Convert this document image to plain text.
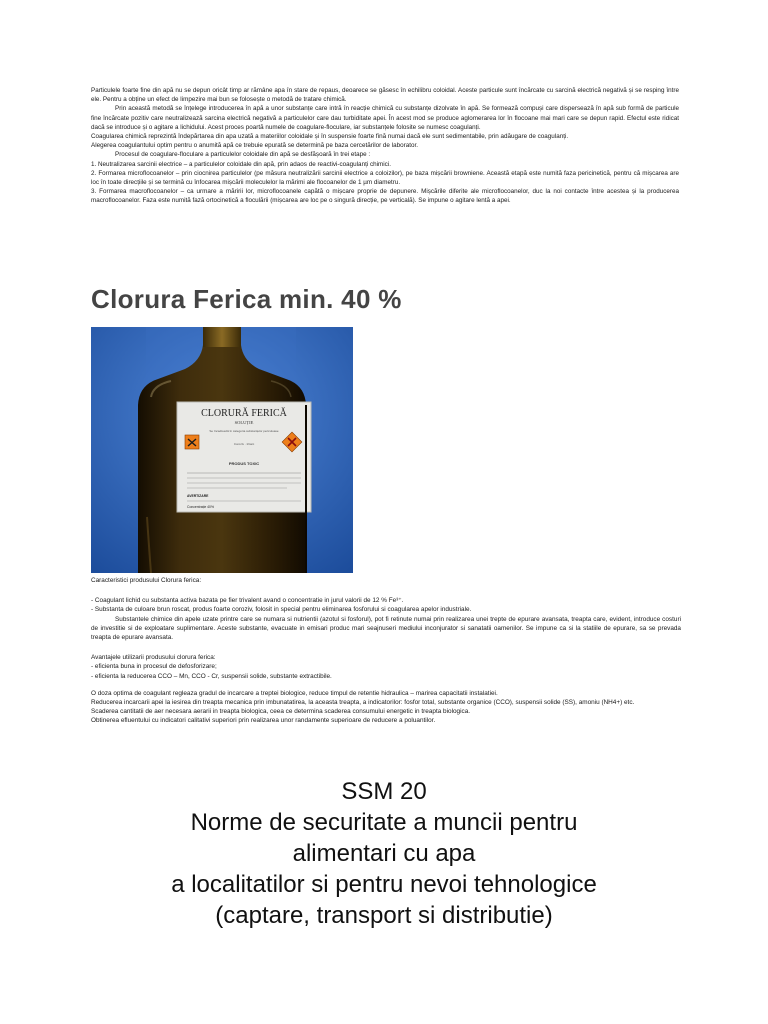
Particulele foarte fine din apă nu se depun oricât timp ar rămâne apa în stare de repaus, deoarece se găsesc în echilibru coloidal. Aceste particule sunt încărcate cu sarcină electrică negativă și se resping între ele. Pentru a obține un efect de limpezire mai bun se folosește o metodă de tratare chimică.

Prin această metodă se înțelege introducerea în apă a unor substanțe care intră în reacție chimică cu substanțe dizolvate în apă. Se formează compuși care dispersează în apă sub formă de particule fine încărcate pozitiv care neutralizează sarcina electrică negativă a particulelor care dau turbiditate apei. În acest mod se produce aglomerarea lor în flocoane mai mari care se depun rapid. Efectul este ridicat dacă se introduce și o agitare a lichidului. Acest proces poartă numele de coagulare-floculare, iar substanțele folosite se numesc coagulanți.

Coagularea chimică reprezintă îndepărtarea din apa uzată a materiilor coloidale și în suspensie foarte fină numai dacă ele sunt sedimentabile, prin adăugare de coagulanți.

Alegerea coagulantului optim pentru o anumită apă ce trebuie epurată se determină pe baza cercetărilor de laborator.

Procesul de coagulare-floculare a particulelor coloidale din apă se desfășoară în trei etape :

1. Neutralizarea sarcinii electrice – a particulelor coloidale din apă, prin adaos de reactivi-coagulanți chimici.

2. Formarea microflocoanelor – prin ciocnirea particulelor (pe măsura neutralizării sarcinii electrice a coloizilor), pe baza mișcării browniene. Această etapă este numită faza pericinetică, pentru că mișcarea are loc în toate direcțiile și se termină cu înfocarea mișcării moleculelor la mărimi ale flocoanelor de 1 µm diametru.

3. Formarea macroflocoanelor – ca urmare a măririi lor, microflocoanele capătă o mișcare proprie de depunere. Mișcările diferite ale microflocoanelor, duc la noi contacte între acestea și la producerea macroflocoanelor. Faza este numită fază ortocinetică a floculării (mișcarea are loc pe o singură direcție, pe verticală). Se impune o agitare lentă a apei.

Clorura Ferica min. 40 %
CLORURĂ FERICĂ
SOLUȚIE
Se încadrează în categoria substanțelor periculoase
Coroziv · Iritant
PRODUS TOXIC
AVERTIZARE
Concentrație 40%

Caracteristici produsului Clorura ferica:

- Coagulant lichid cu substanta activa bazata pe fier trivalent avand o concentratie in jurul valorii de 12 % Fe³⁺.

- Substanta de culoare brun roscat, produs foarte coroziv, folosit in special pentru eliminarea fosforului si coagularea apelor industriale.

Substantele chimice din apele uzate printre care se numara si nutrientii (azotul si fosforul), pot fi retinute numai prin realizarea unei trepte de epurare avansata, treapta care, evident, introduce costuri de investitie si de exploatare suplimentare. Aceste substante, evacuate in emisari produc mari seajnuseri mediului inconjurator si sanatatii oamenilor. Se impune ca si la statiile de epurare, sa se prevada treapta de epurare avansata.

Avantajele utilizarii produsului clorura ferica:

- eficienta buna in procesul de defosforizare;

- eficienta la reducerea CCO – Mn, CCO - Cr, suspensii solide, substante extractibile.

O doza optima de coagulant regleaza gradul de incarcare a treptei biologice, reduce timpul de retentie hidraulica – marirea capacitatii instalatiei.

Reducerea incarcarii apei la iesirea din treapta mecanica prin imbunatatirea, la aceasta treapta, a indicatorilor: fosfor total, substante organice (CCO), suspensii solide (SS), amoniu (NH4+) etc.

Scaderea cantitatii de aer necesara aerarii in treapta biologica, ceea ce determina scaderea consumului energetic in treapta biologica.

Obtinerea efluentului cu indicatori calitativi superiori prin realizarea unor randamente superioare de reducere a poluantilor.

SSM 20
Norme de securitate a muncii pentru
alimentari cu apa
a localitatilor si pentru nevoi tehnologice
(captare, transport si distributie)
